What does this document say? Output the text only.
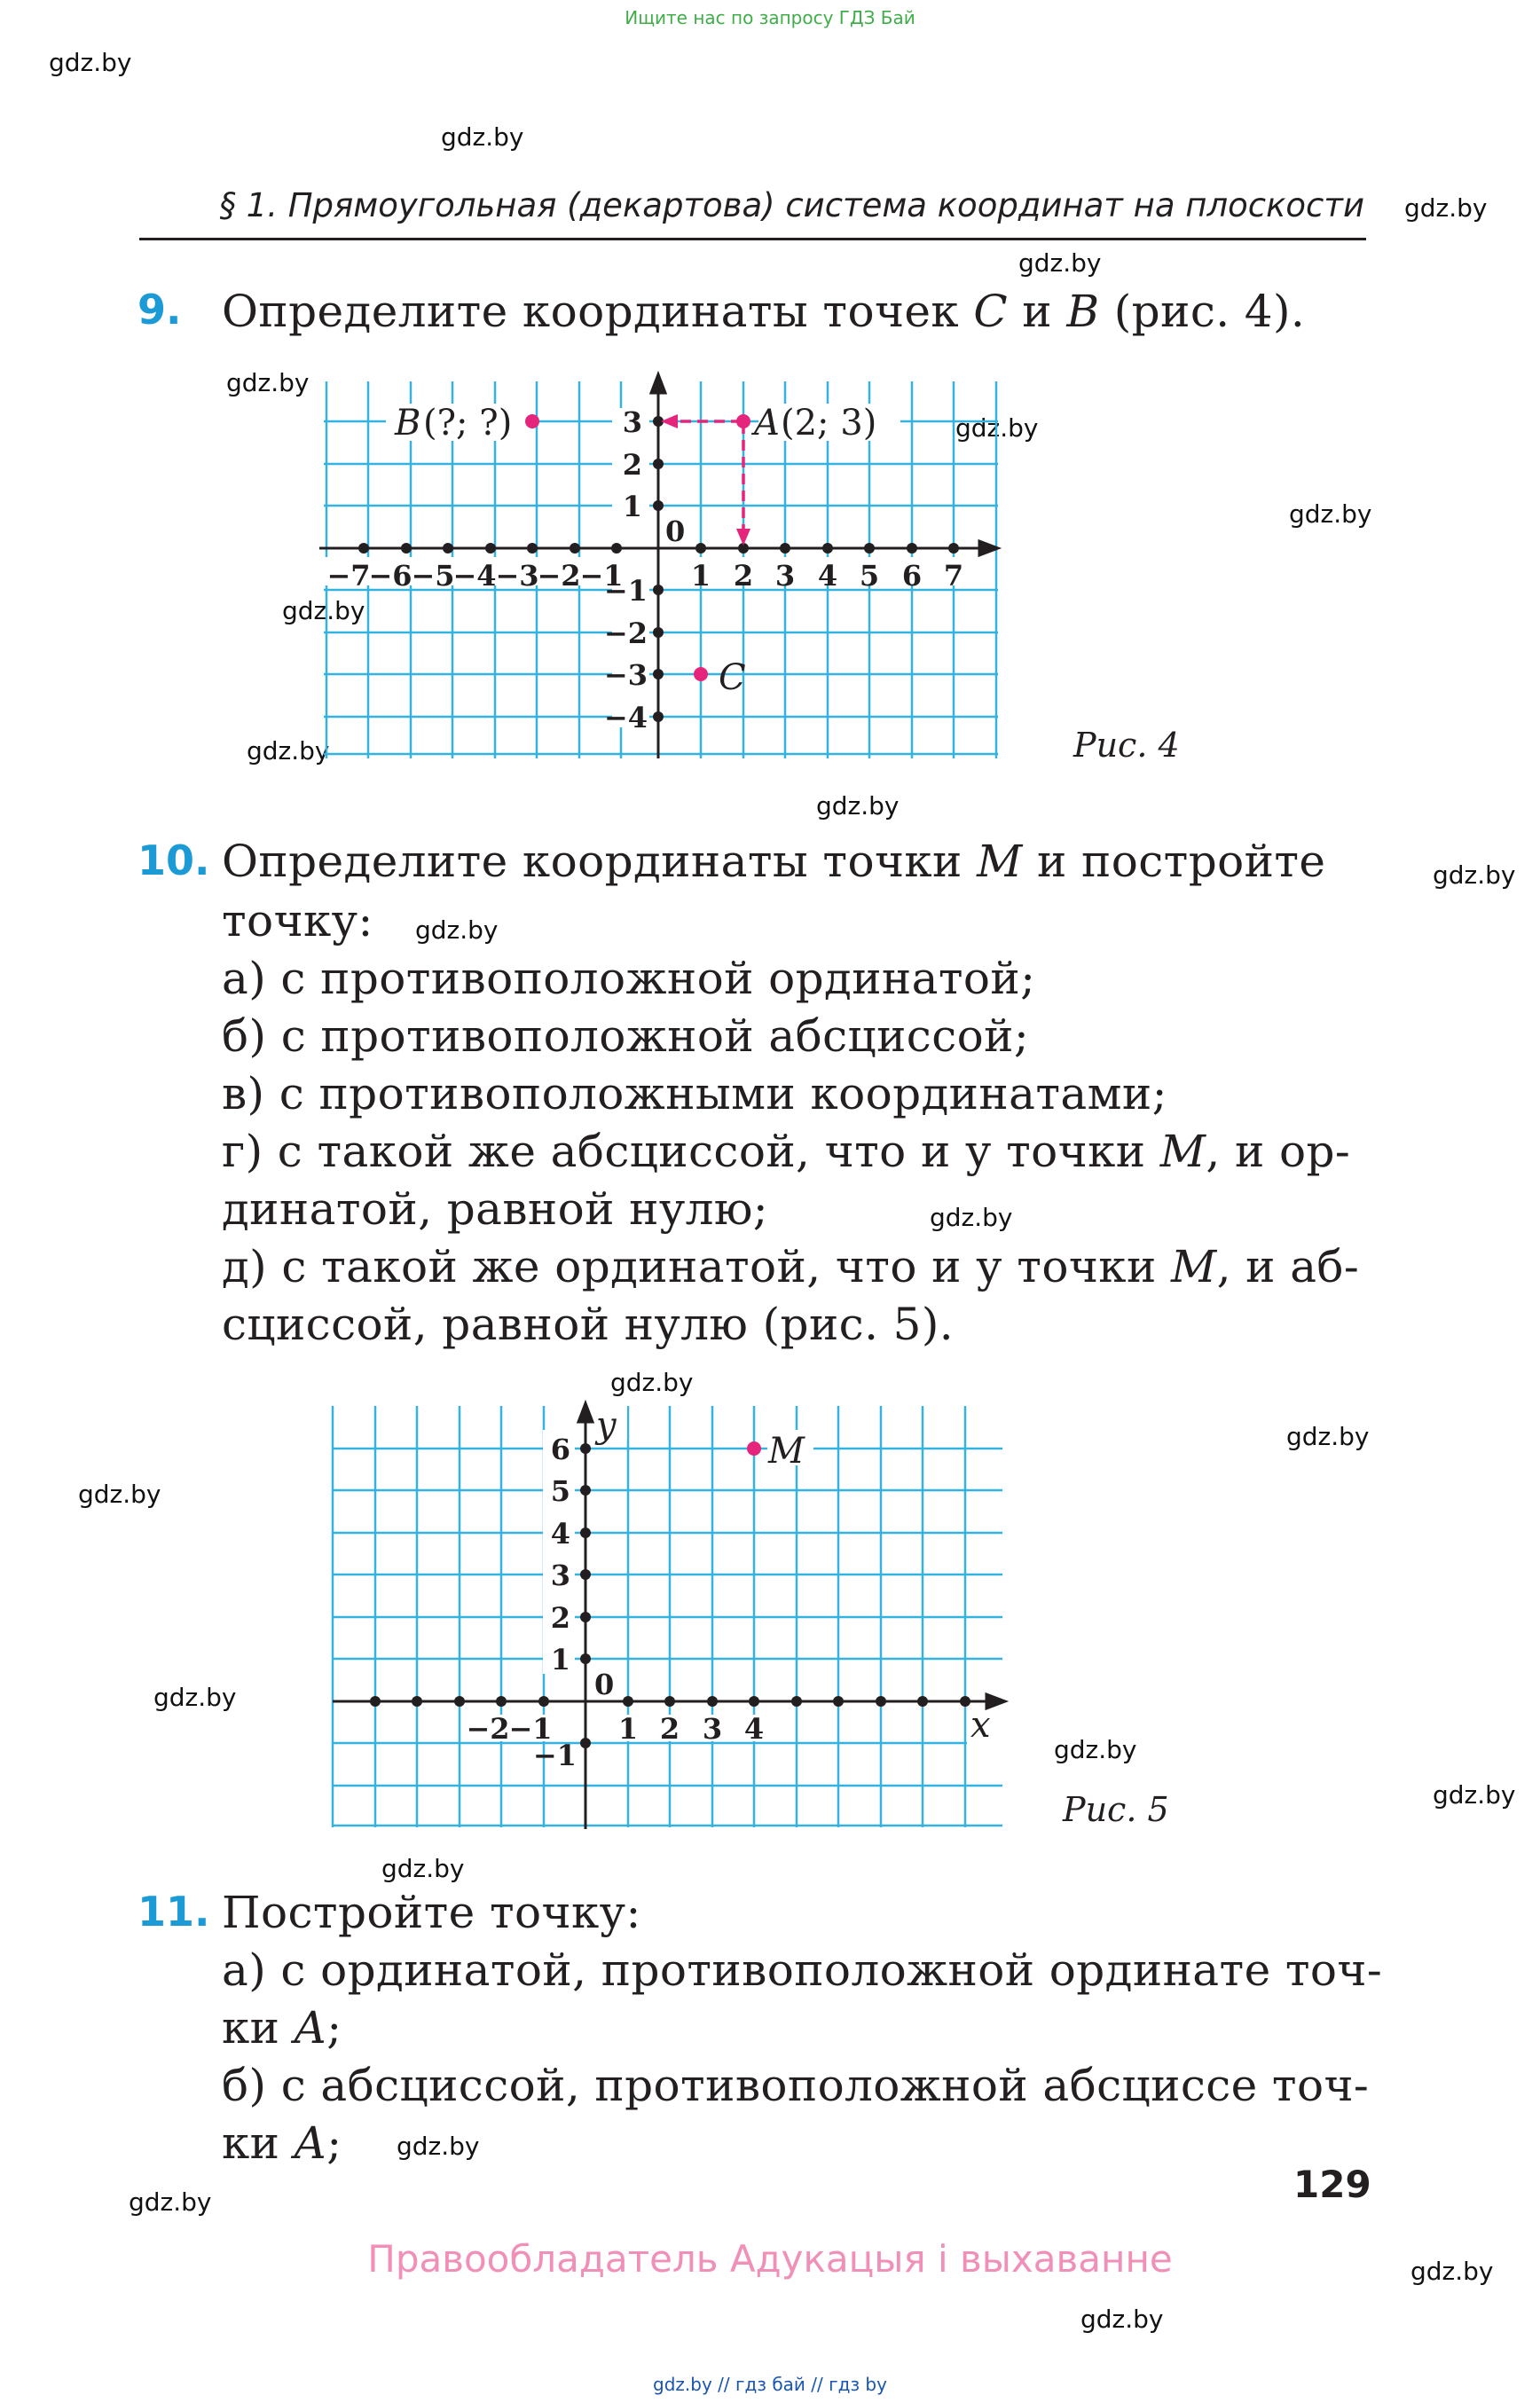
Ищите нас по запросу ГДЗ Бай
gdz.by
gdz.by
gdz.by
gdz.by
gdz.by
gdz.by
gdz.by
gdz.by
gdz.by
gdz.by
gdz.by
gdz.by
gdz.by
gdz.by
gdz.by
gdz.by
gdz.by
gdz.by
gdz.by
gdz.by
gdz.by
gdz.by
gdz.by
gdz.by
§ 1. Прямоугольная (декартова) система координат на плоскости
9. Определите координаты точек C и B (рис. 4).
A (2; 3)
B (?; ?)
C
0
−7
−6
−5
−4
−3
−2
−1 1 2 3 4 5 6 7
1
2
3
−1
−2
−3
−4
Рис. 4
10. Определите координаты точки M и постройте
точку:
а) с противоположной ординатой;
б) с противоположной абсциссой;
в) с противоположными координатами;
г) с такой же абсциссой, что и у точки M, и ор-
динатой, равной нулю;
д) с такой же ординатой, что и у точки M, и аб-
сциссой, равной нулю (рис. 5).
M
x
y
0
−2
−1 1 2 3 4
1
2
3
4
5
6
−1
Рис. 5
11. Постройте точку:
а) с ординатой, противоположной ординате точ-
ки A;
б) с абсциссой, противоположной абсциссе точ-
ки A;
129
Правообладатель Адукацыя і выхаванне
gdz.by // гдз бай // гдз by
